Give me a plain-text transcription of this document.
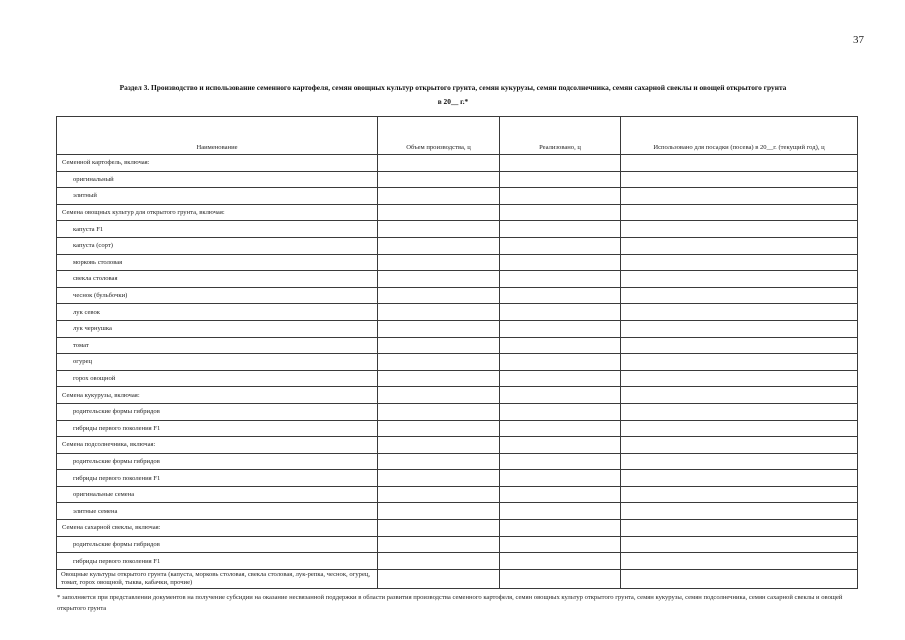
37
Раздел 3. Производство и использование семенного картофеля, семян овощных культур открытого грунта, семян кукурузы, семян подсолнечника, семян сахарной свеклы и овощей открытого грунта
в 20__ г.*
Наименование	Объем производства, ц	Реализовано, ц	Использовано для посадки (посева) в 20__г. (текущий год), ц
Семенной картофель, включая:			
оригинальный			
элитный			
Семена овощных культур для открытого грунта, включая:			
капуста F1			
капуста (сорт)			
морковь столовая			
свекла столовая			
чеснок (бульбочки)			
лук севок			
лук чернушка			
томат			
огурец			
горох овощной			
Семена кукурузы, включая:			
родительские формы гибридов			
гибриды первого поколения F1			
Семена подсолнечника, включая:			
родительские формы гибридов			
гибриды первого поколения F1			
оригинальные семена			
элитные семена			
Семена сахарной свеклы, включая:			
родительские формы гибридов			
гибриды первого поколения F1			
Овощные культуры открытого грунта (капуста, морковь столовая, свекла столовая, лук-репка, чеснок, огурец, томат, горох овощной, тыква, кабачки, прочие)			
* заполняется при представлении документов на получение субсидии на оказание несвязанной поддержки в области развития производства семенного картофеля, семян овощных культур открытого грунта, семян кукурузы, семян подсолнечника, семян сахарной свеклы и овощей открытого грунта
